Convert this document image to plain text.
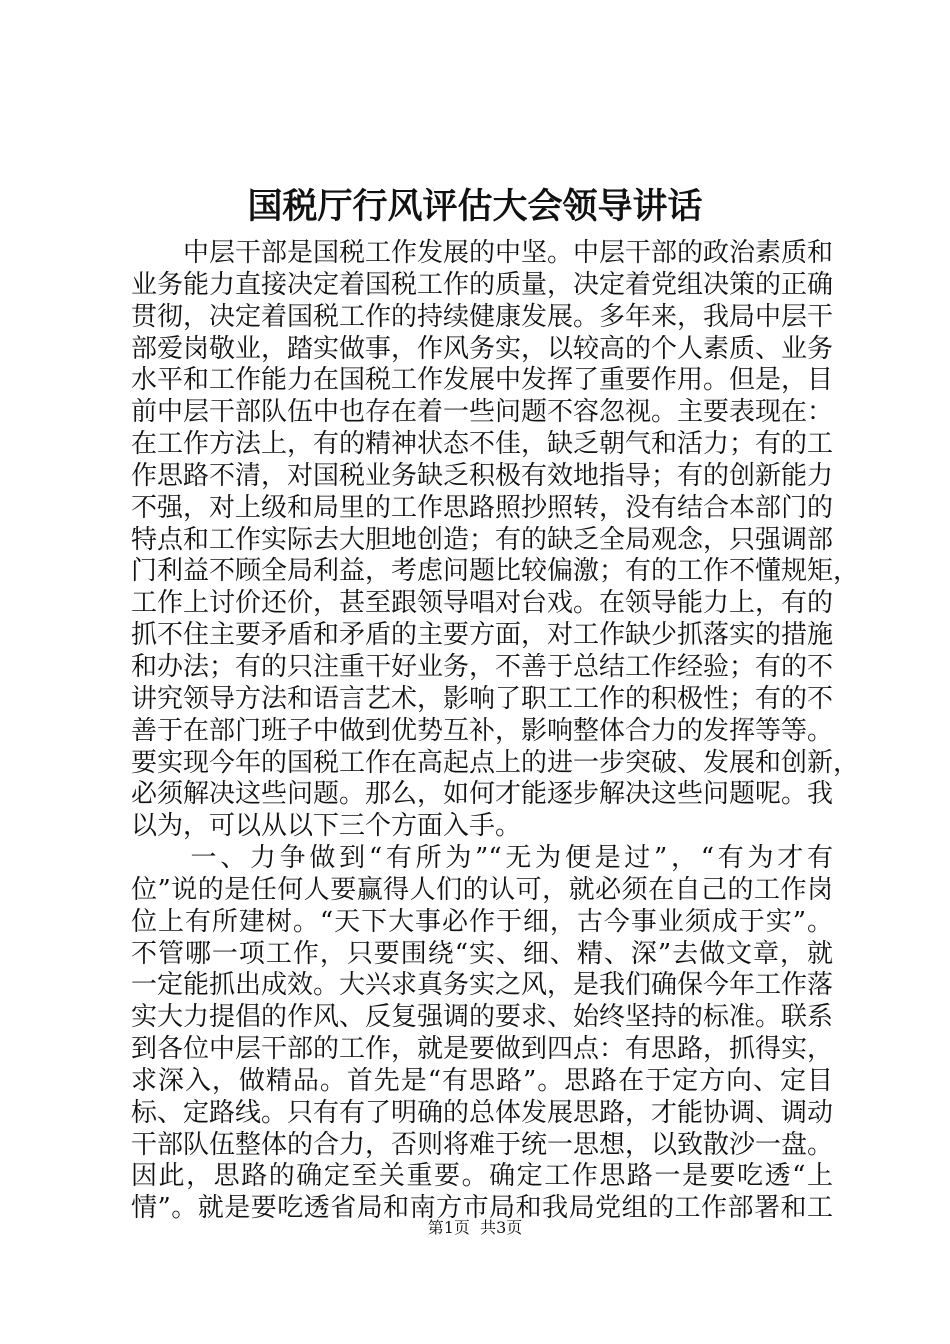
国税厅行风评估大会领导讲话
　　中层干部是国税工作发展的中坚。中层干部的政治素质和
业务能力直接决定着国税工作的质量，决定着党组决策的正确
贯彻，决定着国税工作的持续健康发展。多年来，我局中层干
部爱岗敬业，踏实做事，作风务实，以较高的个人素质、业务
水平和工作能力在国税工作发展中发挥了重要作用。但是，目
前中层干部队伍中也存在着一些问题不容忽视。主要表现在：
在工作方法上，有的精神状态不佳，缺乏朝气和活力；有的工
作思路不清，对国税业务缺乏积极有效地指导；有的创新能力
不强，对上级和局里的工作思路照抄照转，没有结合本部门的
特点和工作实际去大胆地创造；有的缺乏全局观念，只强调部
门利益不顾全局利益，考虑问题比较偏激；有的工作不懂规矩，
工作上讨价还价，甚至跟领导唱对台戏。在领导能力上，有的
抓不住主要矛盾和矛盾的主要方面，对工作缺少抓落实的措施
和办法；有的只注重干好业务，不善于总结工作经验；有的不
讲究领导方法和语言艺术，影响了职工工作的积极性；有的不
善于在部门班子中做到优势互补，影响整体合力的发挥等等。
要实现今年的国税工作在高起点上的进一步突破、发展和创新，
必须解决这些问题。那么，如何才能逐步解决这些问题呢。我
以为，可以从以下三个方面入手。
　　一、力争做到“有所为”“无为便是过”，“有为才有
位”说的是任何人要赢得人们的认可，就必须在自己的工作岗
位上有所建树。“天下大事必作于细，古今事业须成于实”。
不管哪一项工作，只要围绕“实、细、精、深”去做文章，就
一定能抓出成效。大兴求真务实之风，是我们确保今年工作落
实大力提倡的作风、反复强调的要求、始终坚持的标准。联系
到各位中层干部的工作，就是要做到四点：有思路，抓得实，
求深入，做精品。首先是“有思路”。思路在于定方向、定目
标、定路线。只有有了明确的总体发展思路，才能协调、调动
干部队伍整体的合力，否则将难于统一思想，以致散沙一盘。
因此，思路的确定至关重要。确定工作思路一是要吃透“上
情”。就是要吃透省局和南方市局和我局党组的工作部署和工
第1页  共3页
